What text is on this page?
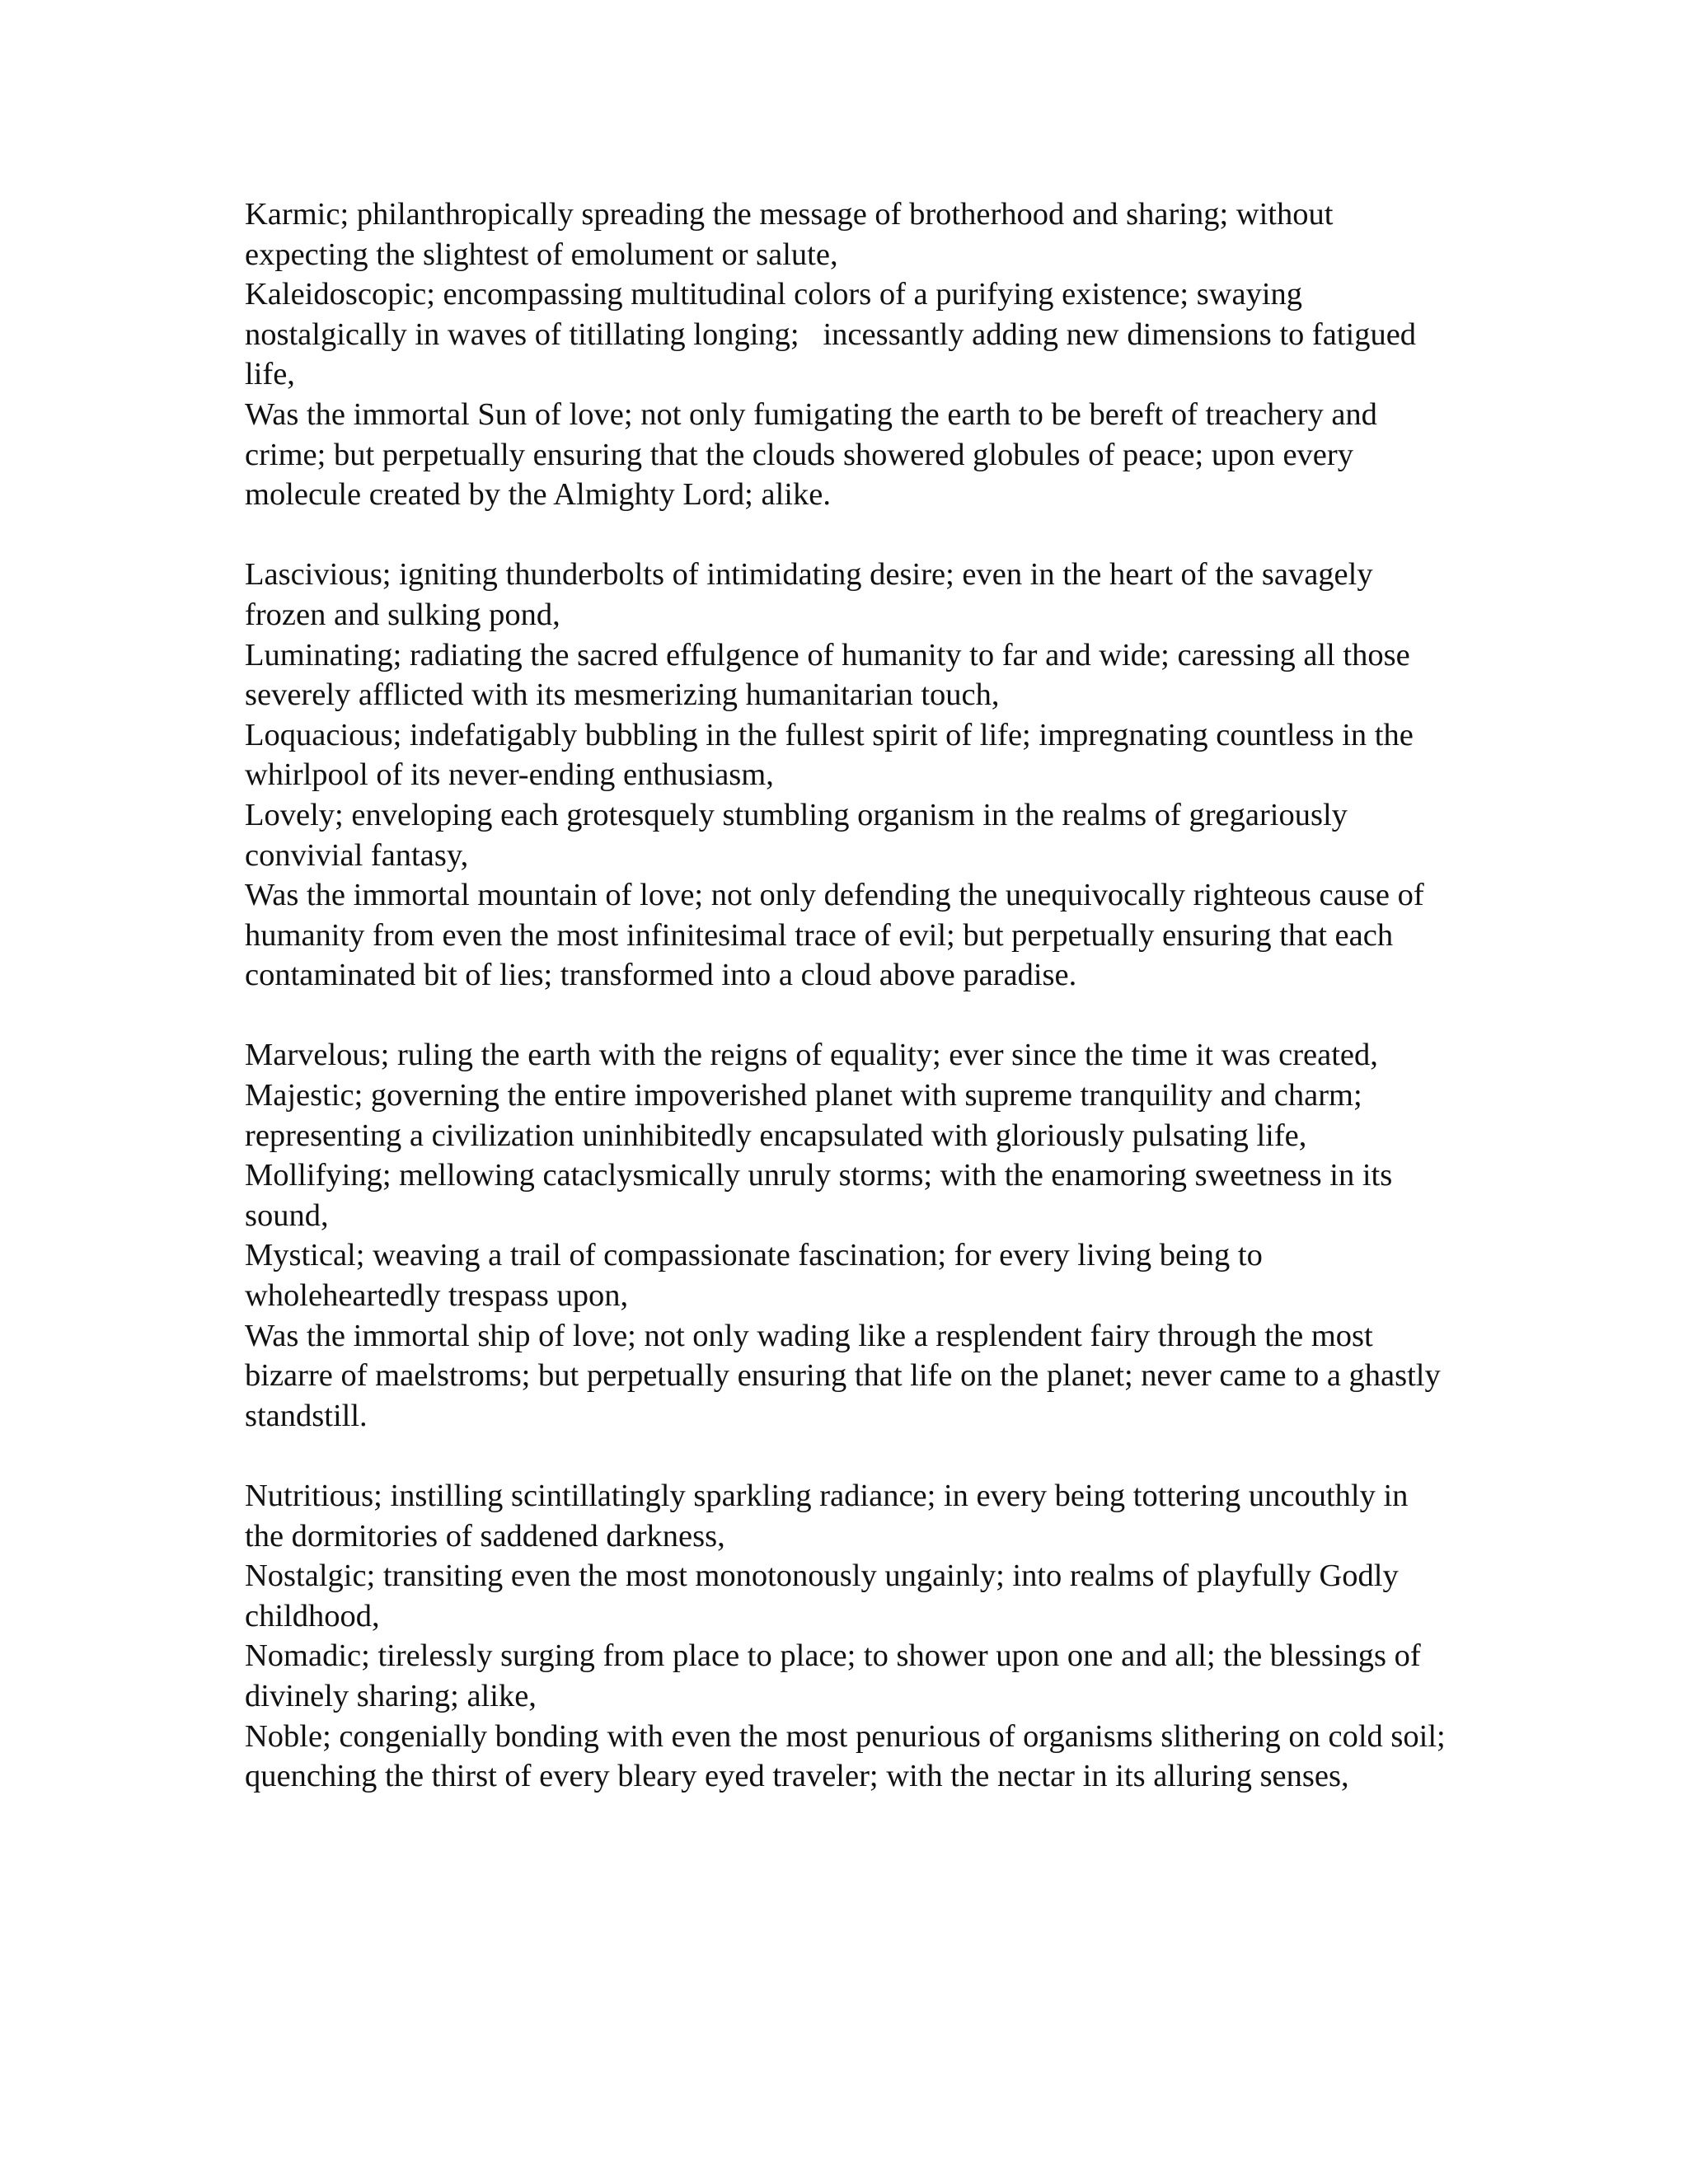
Karmic; philanthropically spreading the message of brotherhood and sharing; without expecting the slightest of emolument or salute,
Kaleidoscopic; encompassing multitudinal colors of a purifying existence; swaying nostalgically in waves of titillating longing;   incessantly adding new dimensions to fatigued life,
Was the immortal Sun of love; not only fumigating the earth to be bereft of treachery and crime; but perpetually ensuring that the clouds showered globules of peace; upon every molecule created by the Almighty Lord; alike.
Lascivious; igniting thunderbolts of intimidating desire; even in the heart of the savagely frozen and sulking pond,
Luminating; radiating the sacred effulgence of humanity to far and wide; caressing all those severely afflicted with its mesmerizing humanitarian touch,
Loquacious; indefatigably bubbling in the fullest spirit of life; impregnating countless in the whirlpool of its never-ending enthusiasm,
Lovely; enveloping each grotesquely stumbling organism in the realms of gregariously convivial fantasy,
Was the immortal mountain of love; not only defending the unequivocally righteous cause of humanity from even the most infinitesimal trace of evil; but perpetually ensuring that each contaminated bit of lies; transformed into a cloud above paradise.
Marvelous; ruling the earth with the reigns of equality; ever since the time it was created,
Majestic; governing the entire impoverished planet with supreme tranquility and charm; representing a civilization uninhibitedly encapsulated with gloriously pulsating life,
Mollifying; mellowing cataclysmically unruly storms; with the enamoring sweetness in its sound,
Mystical; weaving a trail of compassionate fascination; for every living being to wholeheartedly trespass upon,
Was the immortal ship of love; not only wading like a resplendent fairy through the most bizarre of maelstroms; but perpetually ensuring that life on the planet; never came to a ghastly standstill.
Nutritious; instilling scintillatingly sparkling radiance; in every being tottering uncouthly in the dormitories of saddened darkness,
Nostalgic; transiting even the most monotonously ungainly; into realms of playfully Godly childhood,
Nomadic; tirelessly surging from place to place; to shower upon one and all; the blessings of divinely sharing; alike,
Noble; congenially bonding with even the most penurious of organisms slithering on cold soil; quenching the thirst of every bleary eyed traveler; with the nectar in its alluring senses,
